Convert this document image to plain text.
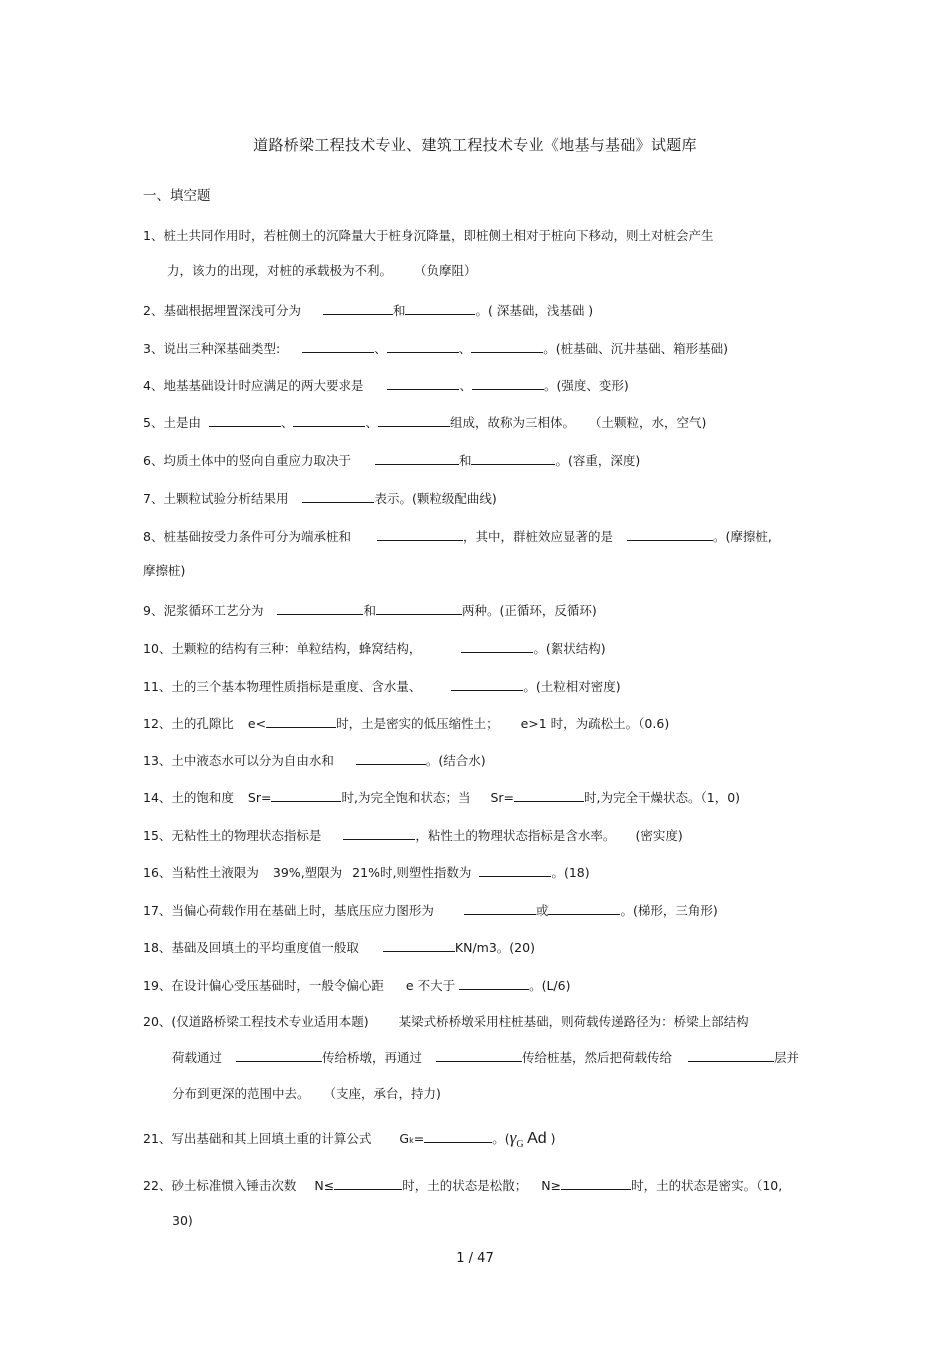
道路桥梁工程技术专业、建筑工程技术专业《地基与基础》试题库
一、填空题
1、桩土共同作用时，若桩侧土的沉降量大于桩身沉降量，即桩侧土相对于桩向下移动，则土对桩会产生
力，该力的出现，对桩的承载极为不利。 （负摩阻）
2、基础根据埋置深浅可分为	和	。( 深基础，浅基础 )
3、说出三种深基础类型:	、	、	。(桩基础、沉井基础、箱形基础)
4、地基基础设计时应满足的两大要求是	、	。(强度、变形)
5、土是由	、	、	组成，故称为三相体。 （土颗粒，水，空气)
6、均质土体中的竖向自重应力取决于	和	。(容重，深度)
7、土颗粒试验分析结果用	表示。(颗粒级配曲线)
8、桩基础按受力条件可分为端承桩和	，其中，群桩效应显著的是	。(摩擦桩,
摩擦桩)
9、泥浆循环工艺分为	和	两种。(正循环，反循环)
10、土颗粒的结构有三种：单粒结构，蜂窝结构，	。(絮状结构)
11、土的三个基本物理性质指标是重度、含水量、	。(土粒相对密度)
12、土的孔隙比 e<	时，土是密实的低压缩性土； e>1 时，为疏松土。（0.6)
13、土中液态水可以分为自由水和	。(结合水)
14、土的饱和度 Sr=	时,为完全饱和状态；当 Sr=	时,为完全干燥状态。（1，0)
15、无粘性土的物理状态指标是	，粘性土的物理状态指标是含水率。 (密实度)
16、当粘性土液限为 39%,塑限为 21%时,则塑性指数为	。(18)
17、当偏心荷载作用在基础上时，基底压应力图形为	或	。(梯形，三角形)
18、基础及回填土的平均重度值一般取	KN/m3。(20)
19、在设计偏心受压基础时，一般令偏心距 e 不大于	。(L/6)
20、(仅道路桥梁工程技术专业适用本题) 某梁式桥桥墩采用柱桩基础，则荷载传递路径为：桥梁上部结构
荷载通过	传给桥墩，再通过	传给桩基，然后把荷载传给	层并
分布到更深的范围中去。 （支座，承台，持力)
21、写出基础和其上回填土重的计算公式 Gk=	。($\gamma_G$ Ad )
22、砂土标准惯入锤击次数 N≤	时，土的状态是松散； N≥	时，土的状态是密实。（10,
30)
1 / 47
